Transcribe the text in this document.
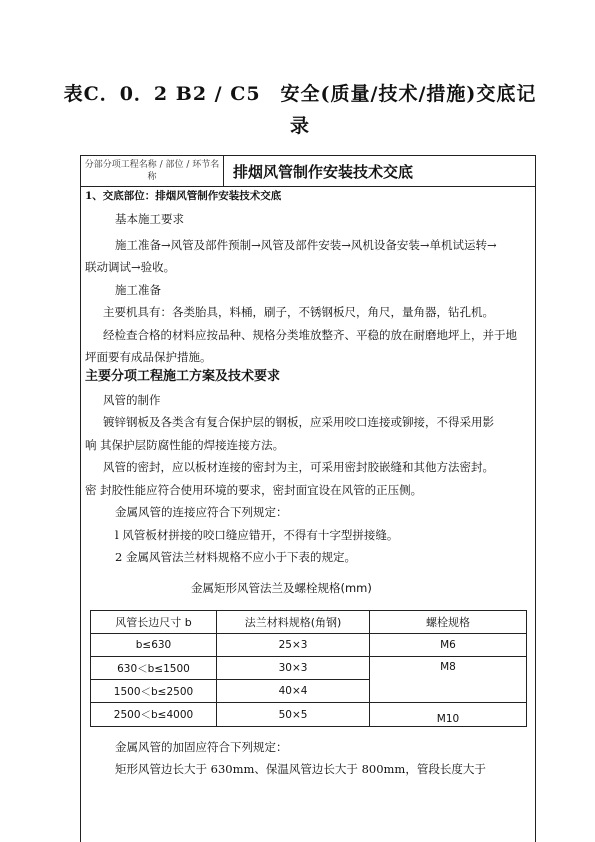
表C．0．2 B2 / C5　安全(质量/技术/措施)交底记
录
分部分项工程名称 / 部位 / 环节名称	排烟风管制作安装技术交底
1、交底部位：排烟风管制作安装技术交底
基本施工要求
施工准备→风管及部件预制→风管及部件安装→风机设备安装→单机试运转→
联动调试→验收。
施工准备
主要机具有：各类胎具，料桶，刷子，不锈钢板尺，角尺，量角器，钻孔机。
经检查合格的材料应按品种、规格分类堆放整齐、平稳的放在耐磨地坪上，并于地
坪面要有成品保护措施。
主要分项工程施工方案及技术要求
风管的制作
镀锌钢板及各类含有复合保护层的钢板，应采用咬口连接或铆接，不得采用影
响 其保护层防腐性能的焊接连接方法。
风管的密封，应以板材连接的密封为主，可采用密封胶嵌缝和其他方法密封。
密 封胶性能应符合使用环境的要求，密封面宜设在风管的正压侧。
金属风管的连接应符合下列规定：
l 风管板材拼接的咬口缝应错开，不得有十字型拼接缝。
2 金属风管法兰材料规格不应小于下表的规定。
金属矩形风管法兰及螺栓规格(mm)
风管长边尺寸 b	法兰材料规格(角钢)	螺栓规格
b≤630	25×3	M6
630＜b≤1500	30×3	M8
1500＜b≤2500	40×4	
2500＜b≤4000	50×5	M10
金属风管的加固应符合下列规定：
矩形风管边长大于 630mm、保温风管边长大于 800mm，管段长度大于
